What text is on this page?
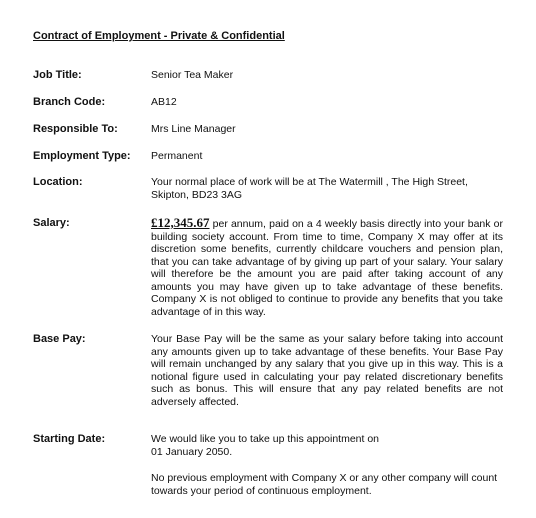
Contract of Employment - Private & Confidential
Job Title:	Senior Tea Maker
Branch Code:	AB12
Responsible To:	Mrs Line Manager
Employment Type:	Permanent
Location:	Your normal place of work will be at The Watermill , The High Street, Skipton, BD23 3AG
Salary:	£12,345.67 per annum, paid on a 4 weekly basis directly into your bank or building society account. From time to time, Company X may offer at its discretion some benefits, currently childcare vouchers and pension plan, that you can take advantage of by giving up part of your salary. Your salary will therefore be the amount you are paid after taking account of any amounts you may have given up to take advantage of these benefits. Company X is not obliged to continue to provide any benefits that you take advantage of in this way.
Base Pay:	Your Base Pay will be the same as your salary before taking into account any amounts given up to take advantage of these benefits. Your Base Pay will remain unchanged by any salary that you give up in this way. This is a notional figure used in calculating your pay related discretionary benefits such as bonus. This will ensure that any pay related benefits are not adversely affected.
Starting Date:	We would like you to take up this appointment on
01 January 2050.

No previous employment with Company X or any other company will count towards your period of continuous employment.
